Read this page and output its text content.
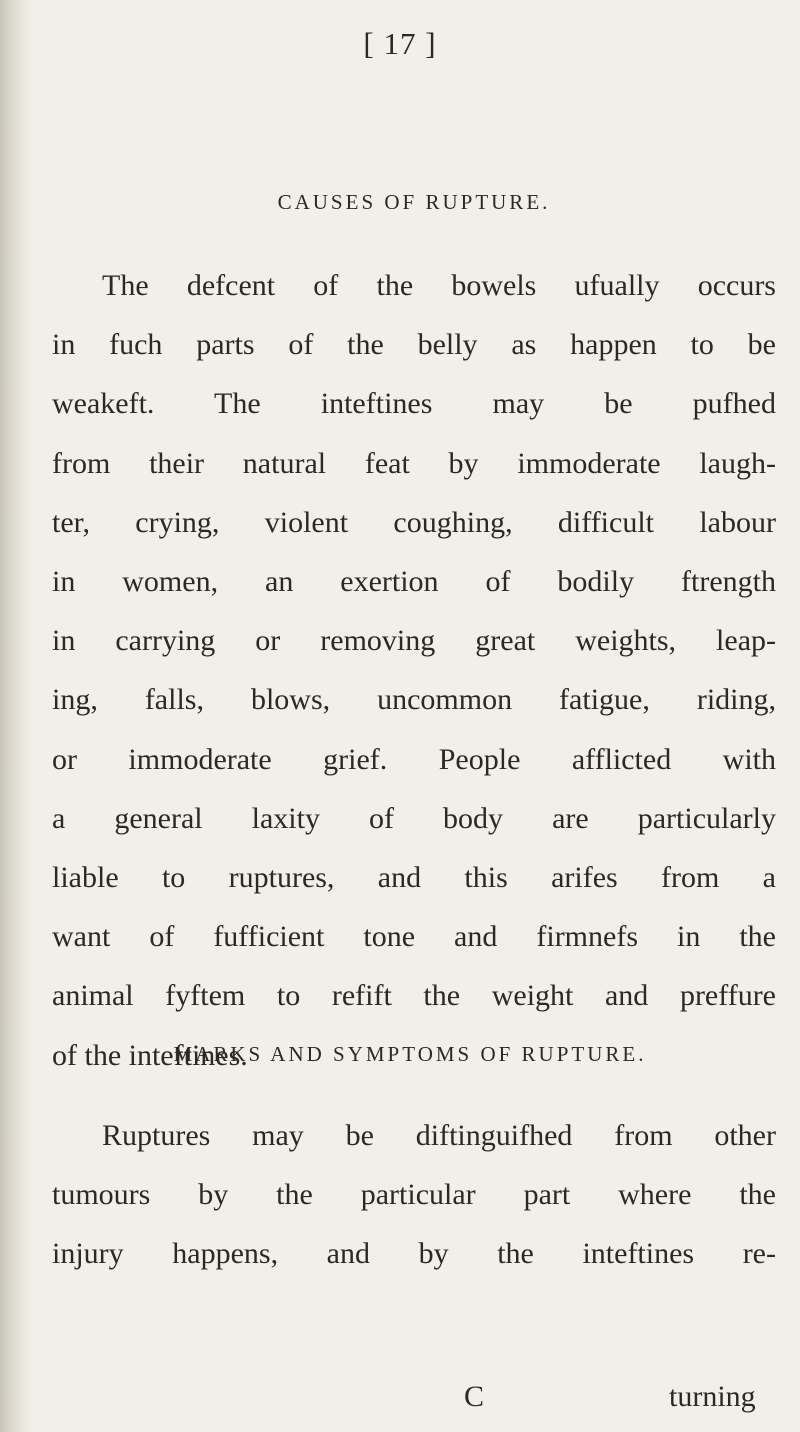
[ 17 ]
CAUSES OF RUPTURE.

The defcent of the bowels ufually occurs
in fuch parts of the belly as happen to be
weakeft. The inteftines may be pufhed
from their natural feat by immoderate laugh-
ter, crying, violent coughing, difficult labour
in women, an exertion of bodily ftrength
in carrying or removing great weights, leap-
ing, falls, blows, uncommon fatigue, riding,
or immoderate grief. People afflicted with
a general laxity of body are particularly
liable to ruptures, and this arifes from a
want of fufficient tone and firmnefs in the
animal fyftem to refift the weight and preffure
of the inteftines.

MARKS AND SYMPTOMS OF RUPTURE.

Ruptures may be diftinguifhed from other
tumours by the particular part where the
injury happens, and by the inteftines re-

C	turning
